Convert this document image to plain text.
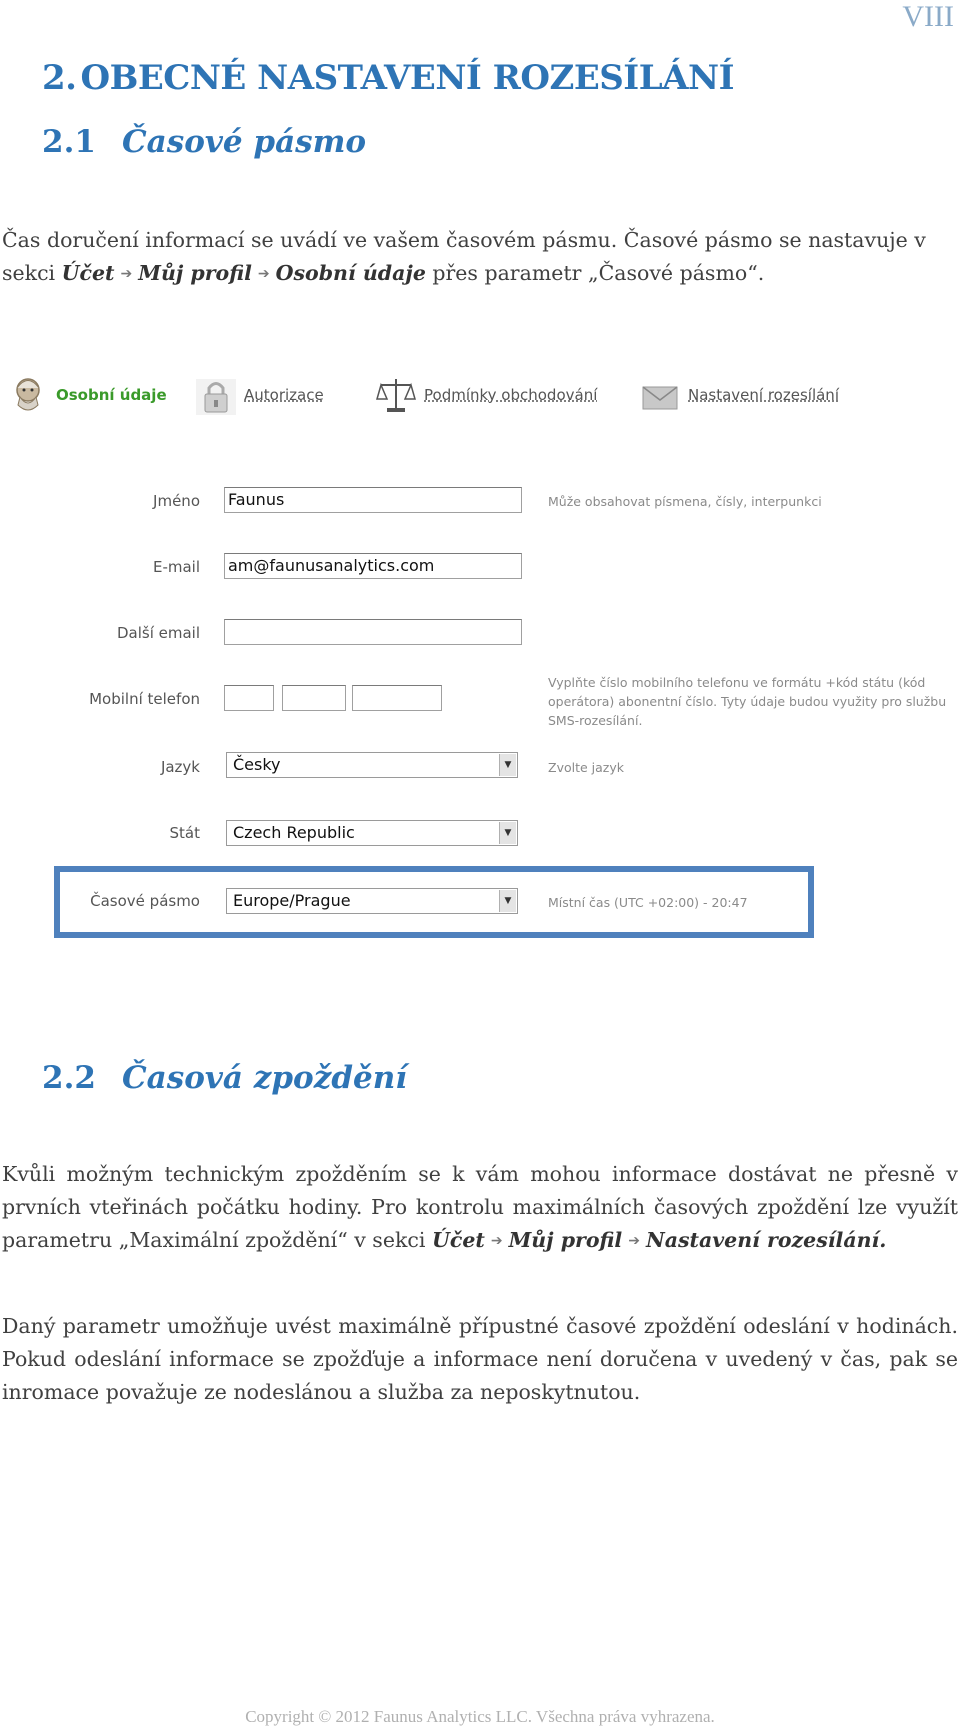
VIII
2. OBECNÉ NASTAVENÍ ROZESÍLÁNÍ
2.1 Časové pásmo
Čas doručení informací se uvádí ve vašem časovém pásmu. Časové pásmo se nastavuje v sekci Účet ➔ Můj profil ➔ Osobní údaje přes parametr „Časové pásmo“.
Osobní údaje	Autorizace	Podmínky obchodování	Nastavení rozesílání
Jméno Faunus	Může obsahovat písmena, čísly, interpunkci
E-mail am@faunusanalytics.com
Další email
Mobilní telefon
Vyplňte číslo mobilního telefonu ve formátu +kód státu (kód operátora) abonentní číslo. Tyty údaje budou využity pro službu SMS-rozesílání.
Jazyk	Česky	▼	Zvolte jazyk
Stát	Czech Republic	▼
Časové pásmo	Europe/Prague	▼	Místní čas (UTC +02:00) - 20:47
2.2 Časová zpoždění
Kvůli možným technickým zpožděním se k vám mohou informace dostávat ne přesně v prvních vteřinách počátku hodiny. Pro kontrolu maximálních časových zpoždění lze využít parametru „Maximální zpoždění“ v sekci Účet ➔ Můj profil ➔ Nastavení rozesílání.
Daný parametr umožňuje uvést maximálně přípustné časové zpoždění odeslání v hodinách. Pokud odeslání informace se zpožďuje a informace není doručena v uvedený v čas, pak se inromace považuje ze nodeslánou a služba za neposkytnutou.
Copyright © 2012 Faunus Analytics LLC. Všechna práva vyhrazena.
